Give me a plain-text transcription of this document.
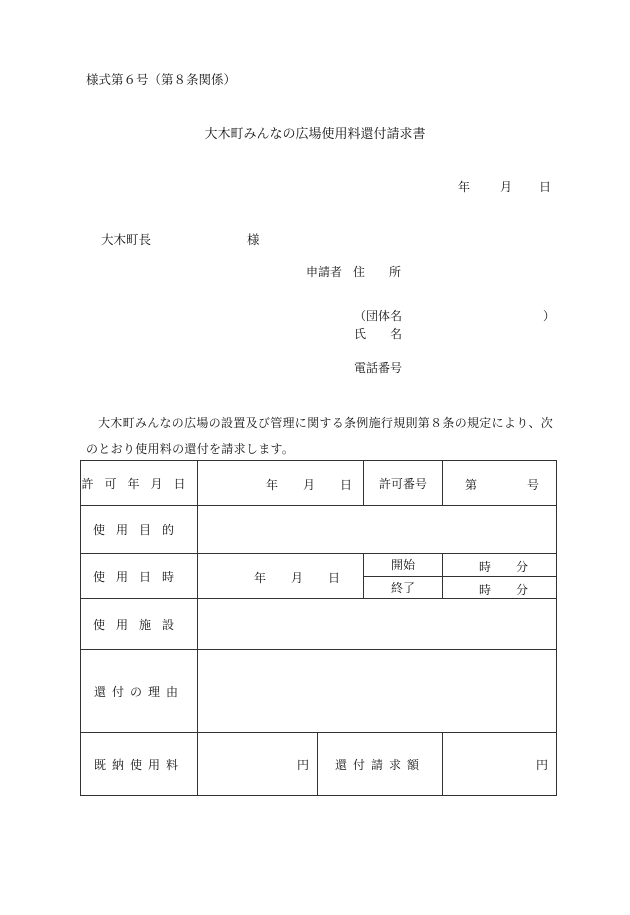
様式第６号（第８条関係）
大木町みんなの広場使用料還付請求書
年 月 日
大木町長	様
申請者 住　　所
（団体名	）
氏　　名
電話番号
大木町みんなの広場の設置及び管理に関する条例施行規則第８条の規定により、次のとおり使用料の還付を請求します。
許可年月日	年 月 日		許可番号	第 号

使用目的				
使用日時	年 月 日		開始	時 分

			終了	時 分

使用施設				
還付の理由				
既納使用料	円	還付請求額		円
